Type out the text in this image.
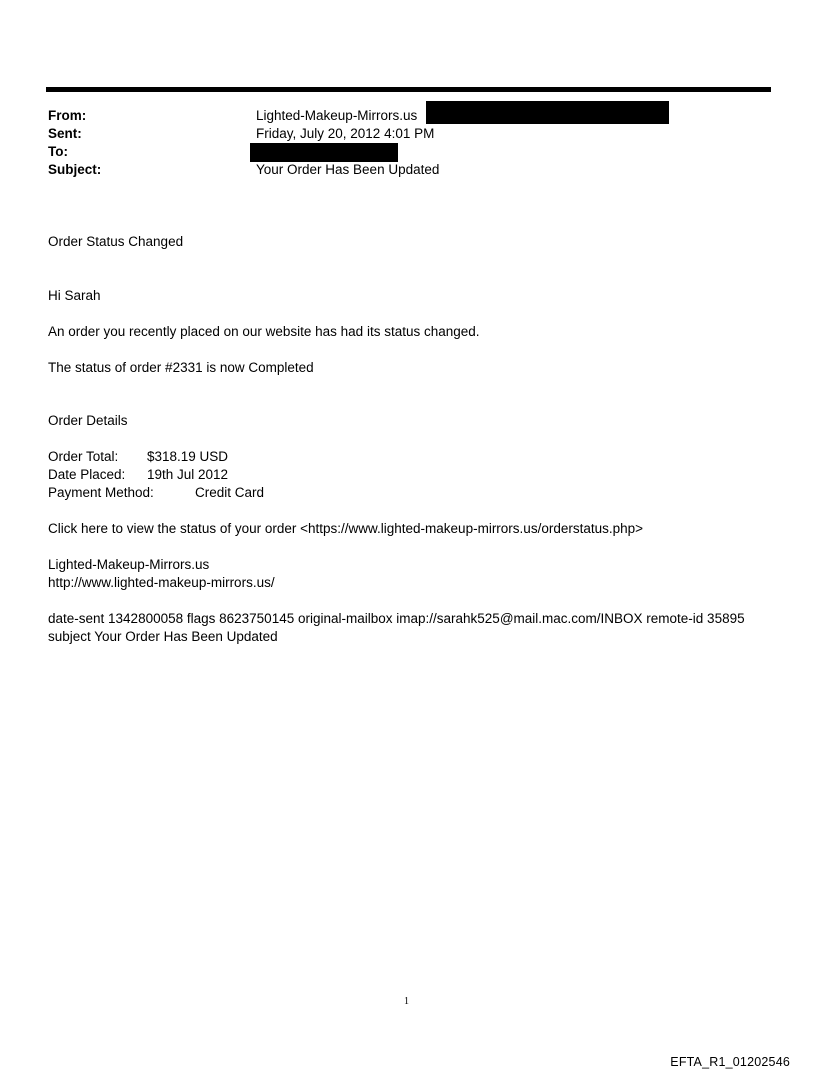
From:	Lighted-Makeup-Mirrors.us
Sent:	Friday, July 20, 2012 4:01 PM
To:
Subject:	Your Order Has Been Updated
Order Status Changed
Hi Sarah
An order you recently placed on our website has had its status changed.
The status of order #2331 is now Completed
Order Details
Order Total: $318.19 USD
Date Placed: 19th Jul 2012
Payment Method:	Credit Card
Click here to view the status of your order <https://www.lighted-makeup-mirrors.us/orderstatus.php>
Lighted-Makeup-Mirrors.us
http://www.lighted-makeup-mirrors.us/
date-sent 1342800058 flags 8623750145 original-mailbox imap://sarahk525@mail.mac.com/INBOX remote-id 35895
subject Your Order Has Been Updated
1
EFTA_R1_01202546
